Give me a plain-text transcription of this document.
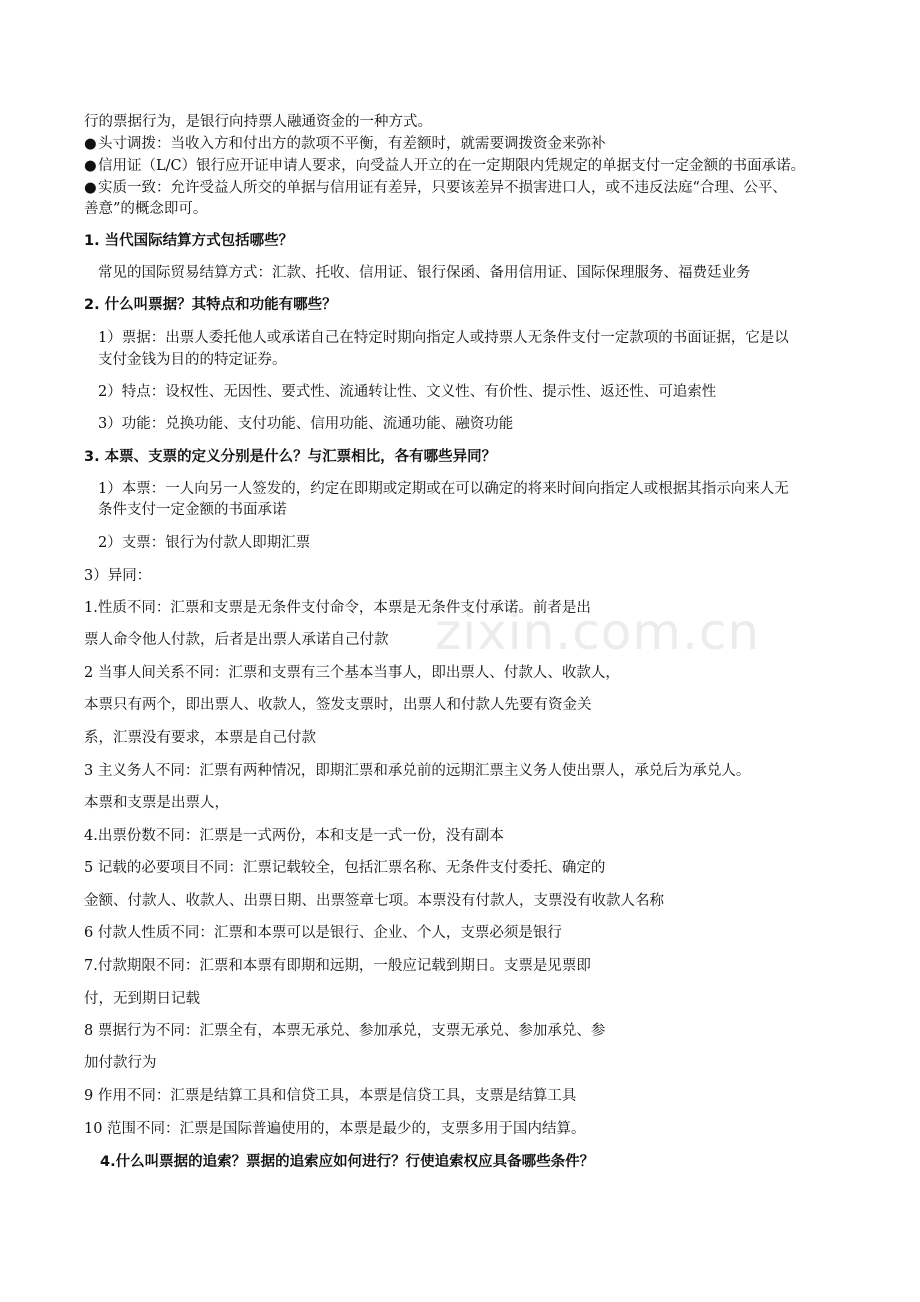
zixin.com.cn
行的票据行为，是银行向持票人融通资金的一种方式。
●头寸调拨：当收入方和付出方的款项不平衡，有差额时，就需要调拨资金来弥补
●信用证（L/C）银行应开证申请人要求，向受益人开立的在一定期限内凭规定的单据支付一定金额的书面承诺。
●实质一致：允许受益人所交的单据与信用证有差异，只要该差异不损害进口人，或不违反法庭“合理、公平、
善意”的概念即可。
1. 当代国际结算方式包括哪些？
常见的国际贸易结算方式：汇款、托收、信用证、银行保函、备用信用证、国际保理服务、福费廷业务
2. 什么叫票据？其特点和功能有哪些？
1）票据：出票人委托他人或承诺自己在特定时期向指定人或持票人无条件支付一定款项的书面证据，它是以
支付金钱为目的的特定证券。
2）特点：设权性、无因性、要式性、流通转让性、文义性、有价性、提示性、返还性、可追索性
3）功能：兑换功能、支付功能、信用功能、流通功能、融资功能
3. 本票、支票的定义分别是什么？与汇票相比，各有哪些异同？
1）本票：一人向另一人签发的，约定在即期或定期或在可以确定的将来时间向指定人或根据其指示向来人无
条件支付一定金额的书面承诺
2）支票：银行为付款人即期汇票
3）异同：
1.性质不同：汇票和支票是无条件支付命令，本票是无条件支付承诺。前者是出
票人命令他人付款，后者是出票人承诺自己付款
2 当事人间关系不同：汇票和支票有三个基本当事人，即出票人、付款人、收款人，
本票只有两个，即出票人、收款人，签发支票时，出票人和付款人先要有资金关
系，汇票没有要求，本票是自己付款
3 主义务人不同：汇票有两种情况，即期汇票和承兑前的远期汇票主义务人使出票人，承兑后为承兑人。
本票和支票是出票人，
4.出票份数不同：汇票是一式两份，本和支是一式一份，没有副本
5 记载的必要项目不同：汇票记载较全，包括汇票名称、无条件支付委托、确定的
金额、付款人、收款人、出票日期、出票签章七项。本票没有付款人，支票没有收款人名称
6 付款人性质不同：汇票和本票可以是银行、企业、个人，支票必须是银行
7.付款期限不同：汇票和本票有即期和远期，一般应记载到期日。支票是见票即
付，无到期日记载
8 票据行为不同：汇票全有，本票无承兑、参加承兑，支票无承兑、参加承兑、参
加付款行为
9 作用不同：汇票是结算工具和信贷工具，本票是信贷工具，支票是结算工具
10 范围不同：汇票是国际普遍使用的，本票是最少的，支票多用于国内结算。
4.什么叫票据的追索？票据的追索应如何进行？行使追索权应具备哪些条件？
